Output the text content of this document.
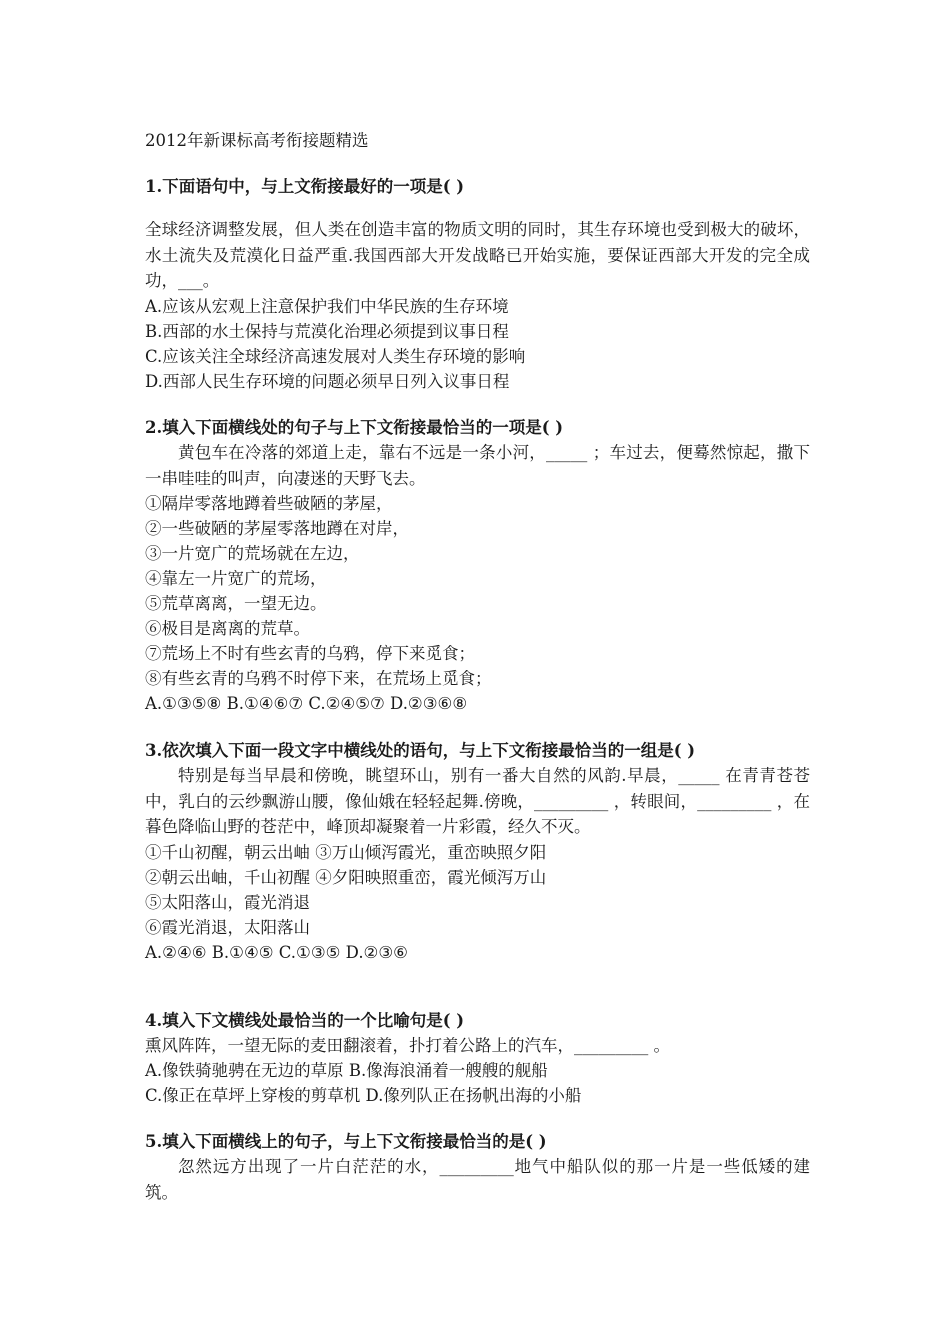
2012年新课标高考衔接题精选
1.下面语句中，与上文衔接最好的一项是( )
全球经济调整发展，但人类在创造丰富的物质文明的同时，其生存环境也受到极大的破坏，水土流失及荒漠化日益严重.我国西部大开发战略已开始实施，要保证西部大开发的完全成功，___。
A.应该从宏观上注意保护我们中华民族的生存环境
B.西部的水土保持与荒漠化治理必须提到议事日程
C.应该关注全球经济高速发展对人类生存环境的影响
D.西部人民生存环境的问题必须早日列入议事日程
2.填入下面横线处的句子与上下文衔接最恰当的一项是( )
黄包车在冷落的郊道上走，靠右不远是一条小河，_____ ；车过去，便蓦然惊起，撒下一串哇哇的叫声，向凄迷的天野飞去。
①隔岸零落地蹲着些破陋的茅屋，
②一些破陋的茅屋零落地蹲在对岸，
③一片宽广的荒场就在左边，
④靠左一片宽广的荒场，
⑤荒草离离，一望无边。
⑥极目是离离的荒草。
⑦荒场上不时有些玄青的乌鸦，停下来觅食；
⑧有些玄青的乌鸦不时停下来，在荒场上觅食；
A.①③⑤⑧ B.①④⑥⑦ C.②④⑤⑦ D.②③⑥⑧
3.依次填入下面一段文字中横线处的语句，与上下文衔接最恰当的一组是( )
特别是每当早晨和傍晚，眺望环山，别有一番大自然的风韵.早晨，_____ 在青青苍苍中，乳白的云纱飘游山腰，像仙娥在轻轻起舞.傍晚，_________ ，转眼间，_________ ，在暮色降临山野的苍茫中，峰顶却凝聚着一片彩霞，经久不灭。
①千山初醒，朝云出岫 ③万山倾泻霞光，重峦映照夕阳
②朝云出岫，千山初醒 ④夕阳映照重峦，霞光倾泻万山
⑤太阳落山，霞光消退
⑥霞光消退，太阳落山
A.②④⑥ B.①④⑤ C.①③⑤ D.②③⑥
4.填入下文横线处最恰当的一个比喻句是( )
熏风阵阵，一望无际的麦田翻滚着，扑打着公路上的汽车，_________ 。
A.像铁骑驰骋在无边的草原 B.像海浪涌着一艘艘的舰船
C.像正在草坪上穿梭的剪草机 D.像列队正在扬帆出海的小船
5.填入下面横线上的句子，与上下文衔接最恰当的是( )
忽然远方出现了一片白茫茫的水，_________地气中船队似的那一片是一些低矮的建筑。
